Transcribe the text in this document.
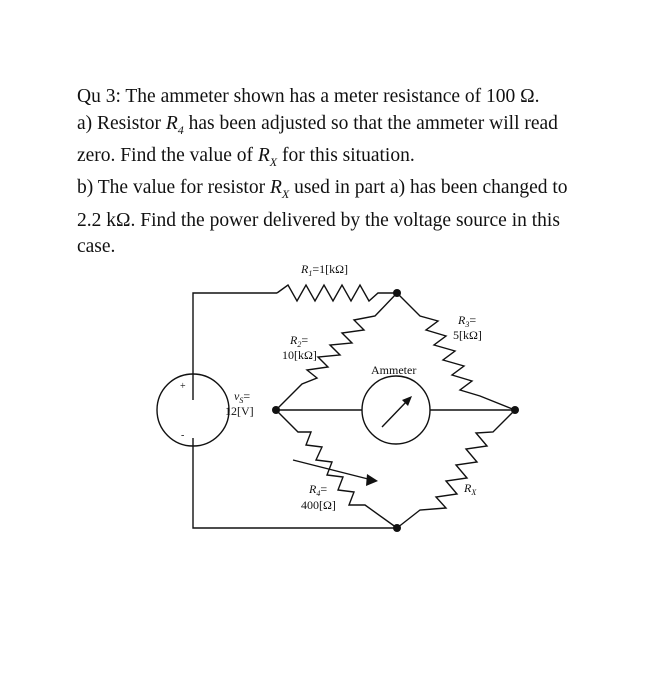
Qu 3: The ammeter shown has a meter resistance of 100 Ω.

a) Resistor $R_4$ has been adjusted so that the ammeter will read

zero. Find the value of $R_X$ for this situation.

b) The value for resistor $R_X$ used in part a) has been changed to

2.2 kΩ. Find the power delivered by the voltage source in this

case.

$R_1=1[k\Omega]$
$R_2=$
10[kΩ]
$R_3=$
5[kΩ]
$R_4=$
400[Ω]
$R_X$
$v_S=$
12[V]
+
-
Ammeter
